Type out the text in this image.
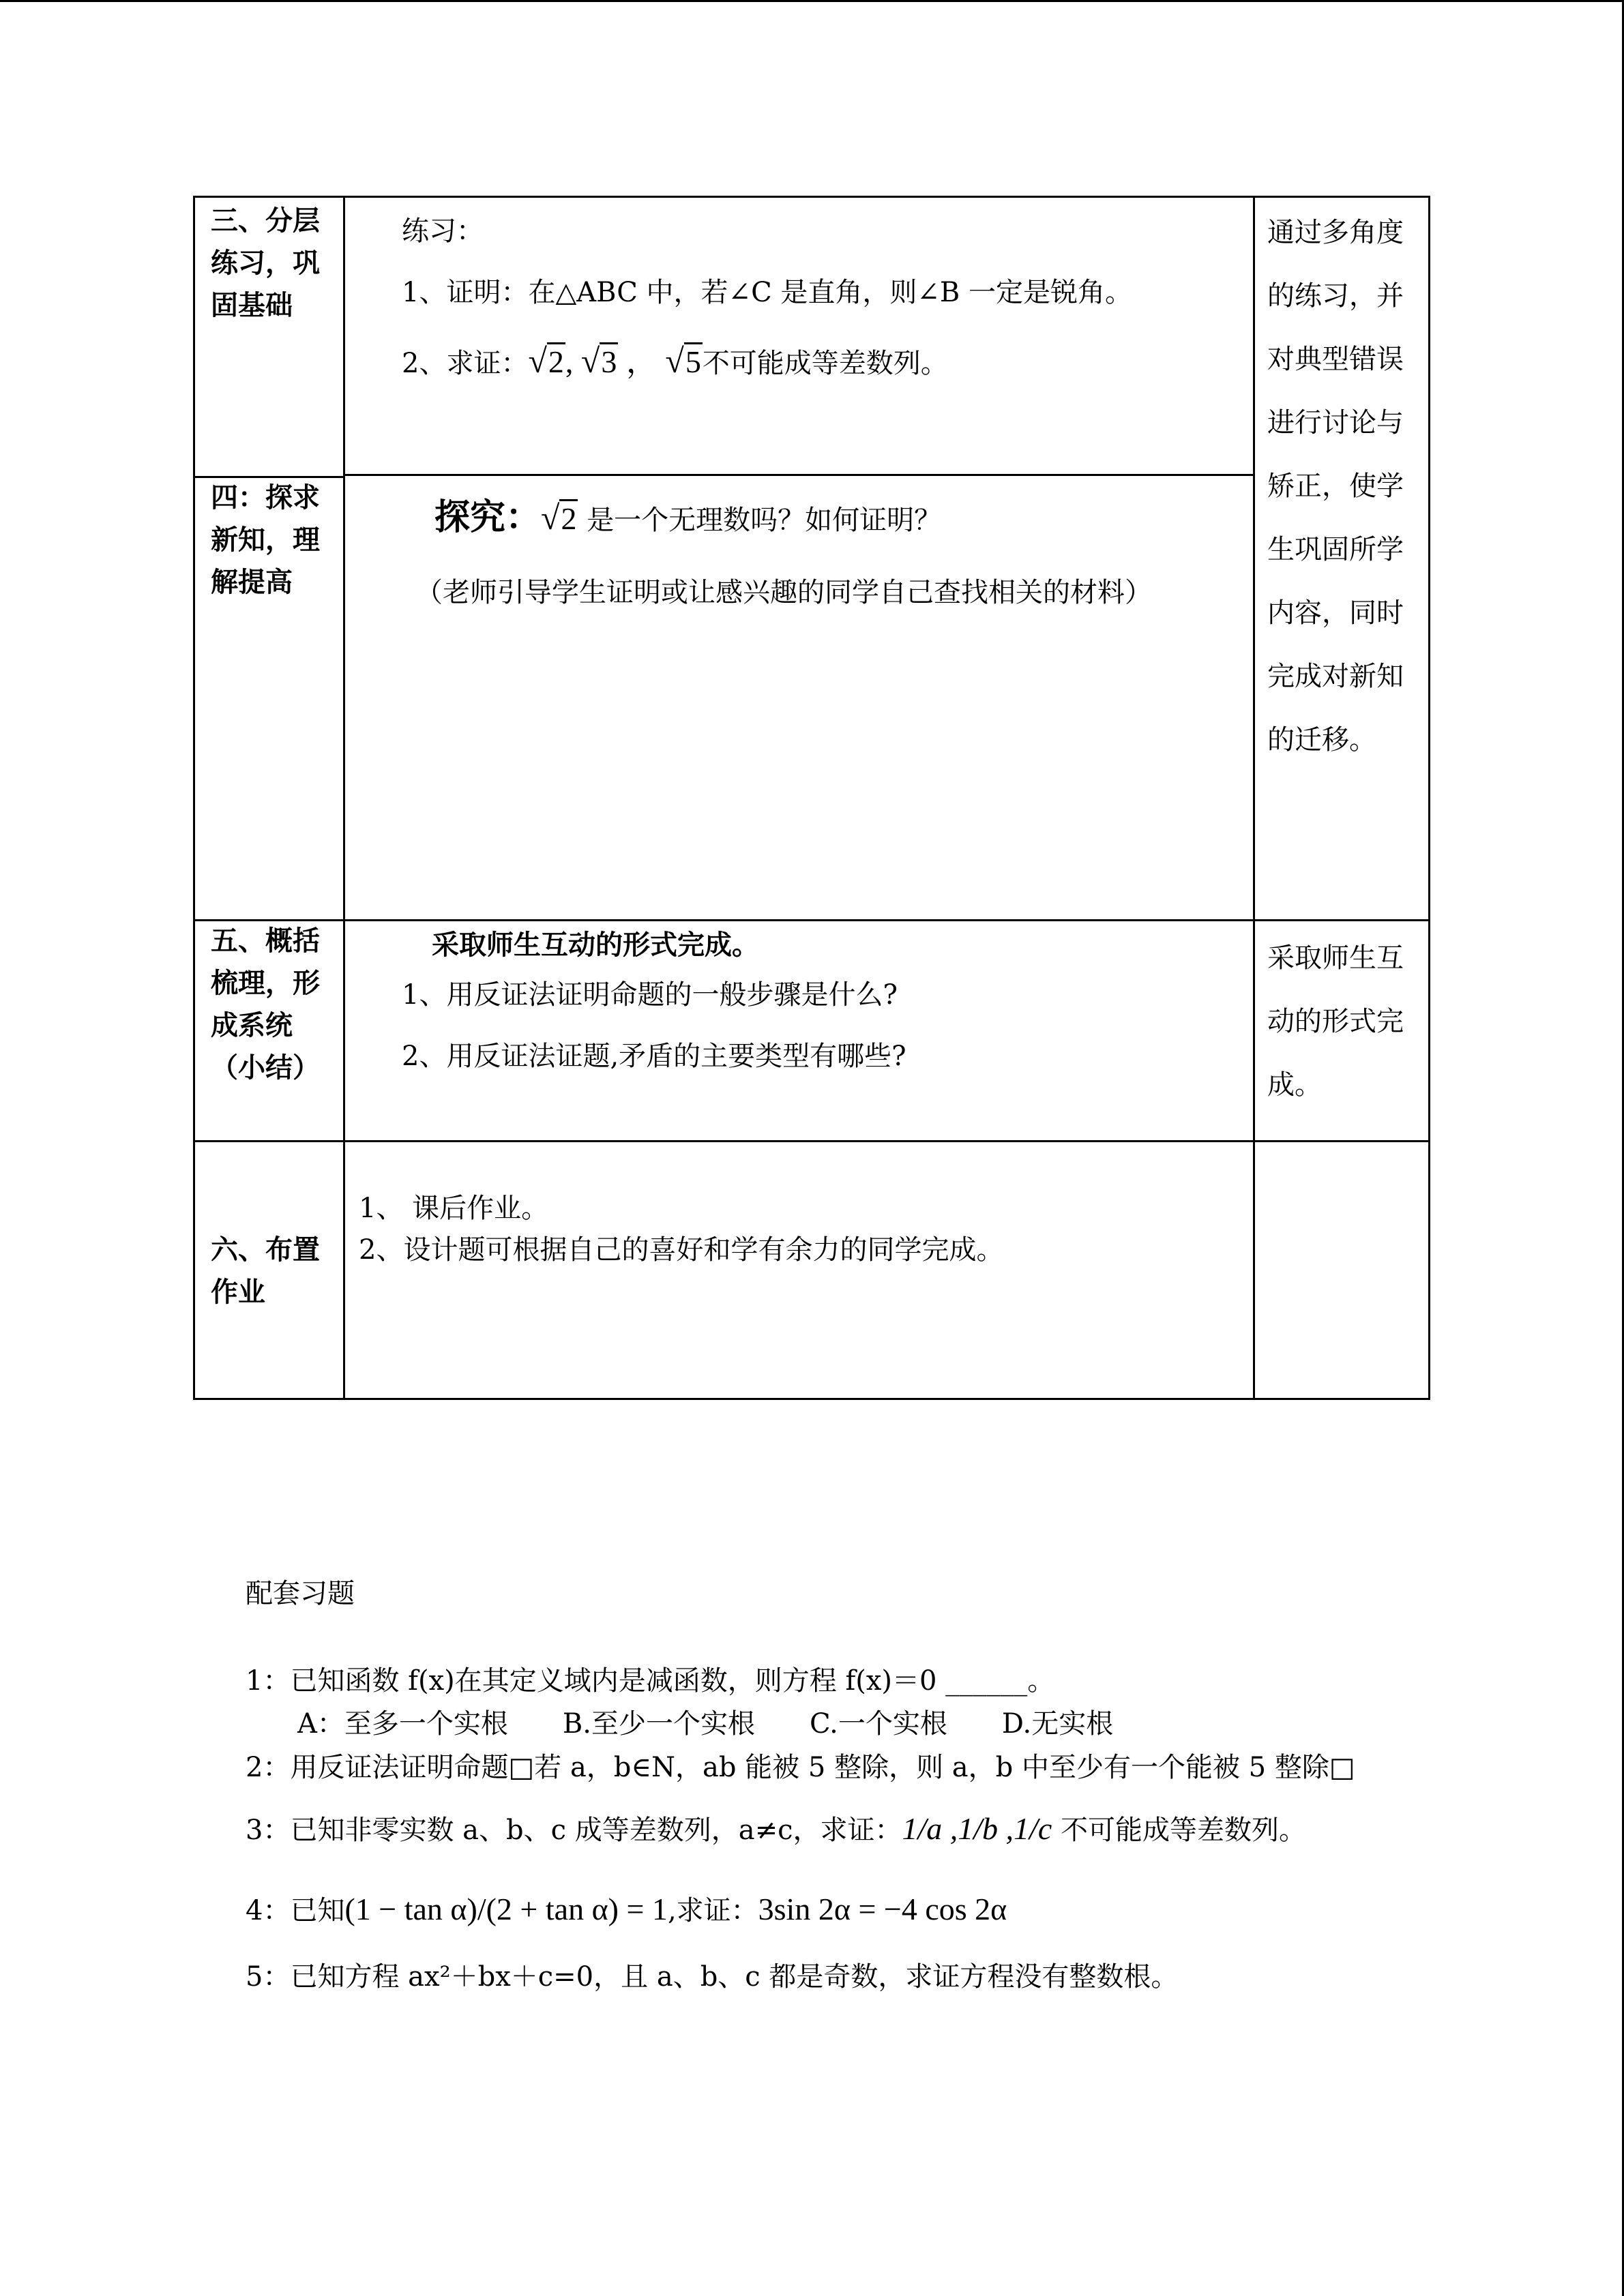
三、分层
练习，巩
固基础
练习：
1、证明：在△ABC 中，若∠C 是直角，则∠B 一定是锐角。
2、求证：√2, √3 ， √5不可能成等差数列。
通过多角度
的练习，并
对典型错误
进行讨论与
矫正，使学
生巩固所学
内容，同时
完成对新知
的迁移。
四：探求
新知，理
解提高
探究：√2 是一个无理数吗？如何证明？
（老师引导学生证明或让感兴趣的同学自己查找相关的材料）
五、概括
梳理，形
成系统
（小结）
采取师生互动的形式完成。
1、用反证法证明命题的一般步骤是什么?
2、用反证法证题,矛盾的主要类型有哪些?
采取师生互
动的形式完
成。
六、布置
作业
1、 课后作业。
2、设计题可根据自己的喜好和学有余力的同学完成。
配套习题
1：已知函数 f(x)在其定义域内是减函数，则方程 f(x)＝0 ______。
A：至多一个实根　　B.至少一个实根　　C.一个实根　　D.无实根
2：用反证法证明命题□若 a，b∈N，ab 能被 5 整除，则 a，b 中至少有一个能被 5 整除□
3：已知非零实数 a、b、c 成等差数列，a≠c，求证：1/a ,1/b ,1/c 不可能成等差数列。
4：已知(1 − tan α)/(2 + tan α) = 1,求证：3sin 2α = −4 cos 2α
5：已知方程 ax²＋bx＋c=0，且 a、b、c 都是奇数，求证方程没有整数根。
